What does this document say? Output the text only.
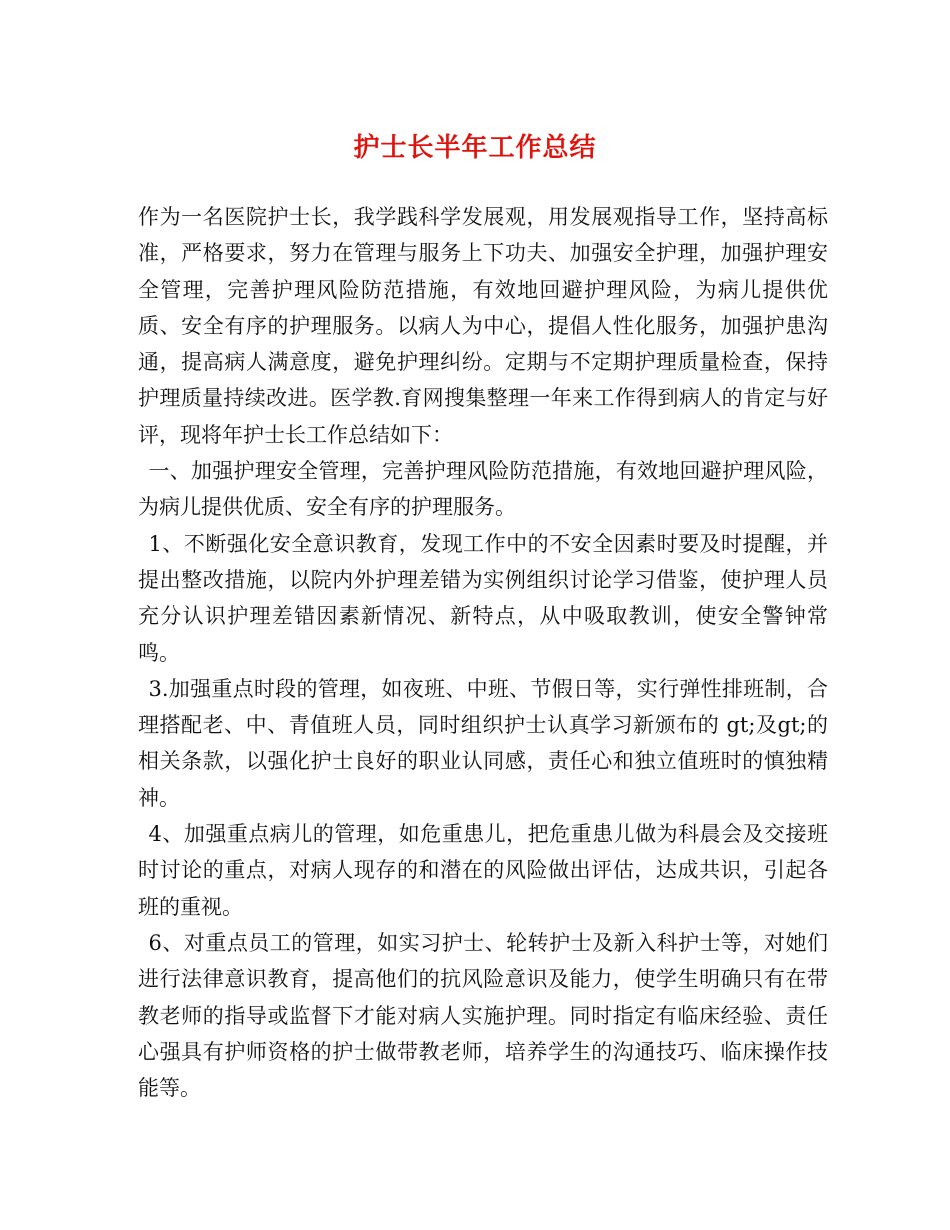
护士长半年工作总结

作为一名医院护士长，我学践科学发展观，用发展观指导工作，坚持高标准，严格要求，努力在管理与服务上下功夫、加强安全护理，加强护理安全管理，完善护理风险防范措施，有效地回避护理风险，为病儿提供优质、安全有序的护理服务。以病人为中心，提倡人性化服务，加强护患沟通，提高病人满意度，避免护理纠纷。定期与不定期护理质量检查，保持护理质量持续改进。医学教.育网搜集整理一年来工作得到病人的肯定与好评，现将年护士长工作总结如下：

一、加强护理安全管理，完善护理风险防范措施，有效地回避护理风险，为病儿提供优质、安全有序的护理服务。

1、不断强化安全意识教育，发现工作中的不安全因素时要及时提醒，并提出整改措施，以院内外护理差错为实例组织讨论学习借鉴，使护理人员充分认识护理差错因素新情况、新特点，从中吸取教训，使安全警钟常鸣。

3.加强重点时段的管理，如夜班、中班、节假日等，实行弹性排班制，合理搭配老、中、青值班人员，同时组织护士认真学习新颁布的 gt;及gt;的相关条款，以强化护士良好的职业认同感，责任心和独立值班时的慎独精神。

4、加强重点病儿的管理，如危重患儿，把危重患儿做为科晨会及交接班时讨论的重点，对病人现存的和潜在的风险做出评估，达成共识，引起各班的重视。

6、对重点员工的管理，如实习护士、轮转护士及新入科护士等，对她们进行法律意识教育，提高他们的抗风险意识及能力，使学生明确只有在带教老师的指导或监督下才能对病人实施护理。同时指定有临床经验、责任心强具有护师资格的护士做带教老师，培养学生的沟通技巧、临床操作技能等。
